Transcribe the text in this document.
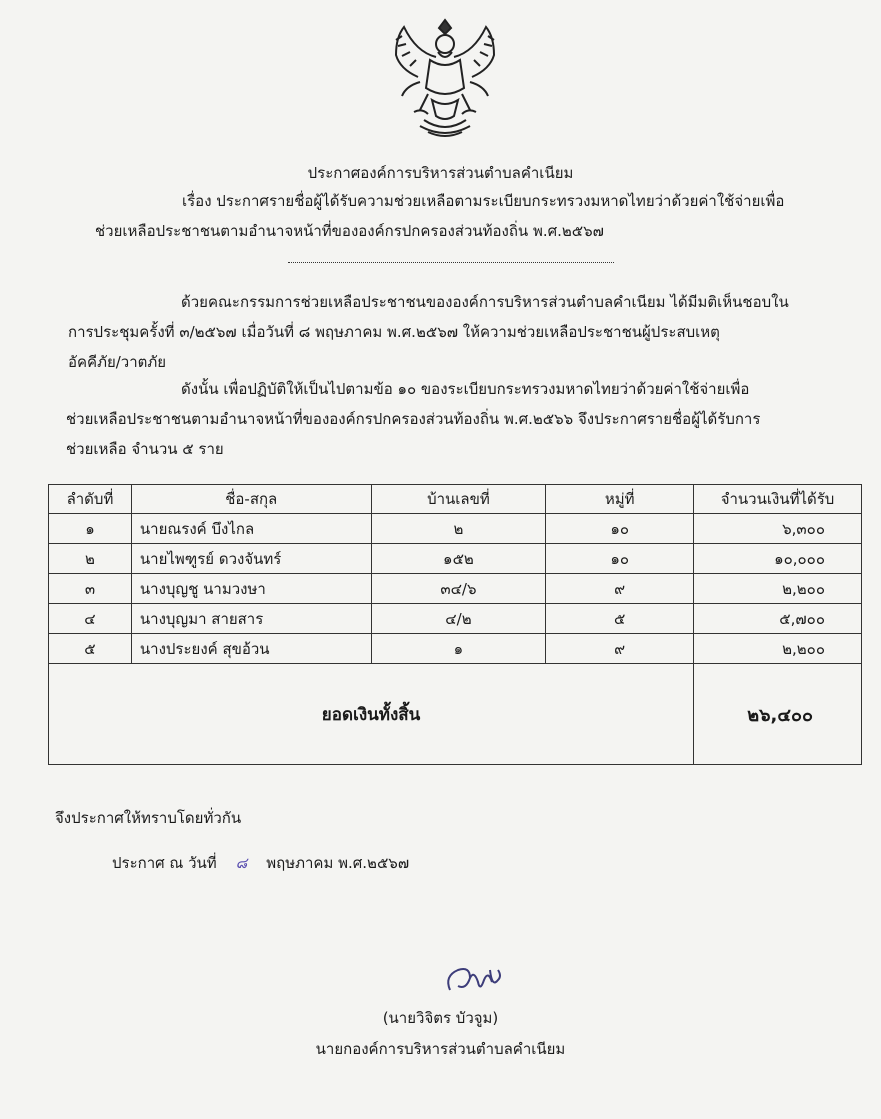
ประกาศองค์การบริหารส่วนตำบลคำเนียม
เรื่อง ประกาศรายชื่อผู้ได้รับความช่วยเหลือตามระเบียบกระทรวงมหาดไทยว่าด้วยค่าใช้จ่ายเพื่อ
ช่วยเหลือประชาชนตามอำนาจหน้าที่ขององค์กรปกครองส่วนท้องถิ่น พ.ศ.๒๕๖๗
ด้วยคณะกรรมการช่วยเหลือประชาชนขององค์การบริหารส่วนตำบลคำเนียม ได้มีมติเห็นชอบใน
การประชุมครั้งที่ ๓/๒๕๖๗ เมื่อวันที่ ๘ พฤษภาคม พ.ศ.๒๕๖๗ ให้ความช่วยเหลือประชาชนผู้ประสบเหตุ
อัคคีภัย/วาตภัย
ดังนั้น เพื่อปฏิบัติให้เป็นไปตามข้อ ๑๐ ของระเบียบกระทรวงมหาดไทยว่าด้วยค่าใช้จ่ายเพื่อ
ช่วยเหลือประชาชนตามอำนาจหน้าที่ขององค์กรปกครองส่วนท้องถิ่น พ.ศ.๒๕๖๖ จึงประกาศรายชื่อผู้ได้รับการ
ช่วยเหลือ จำนวน ๕ ราย
ลำดับที่	ชื่อ-สกุล	บ้านเลขที่	หมู่ที่	จำนวนเงินที่ได้รับ
๑	นายณรงค์ บึงไกล	๒	๑๐	๖,๓๐๐
๒	นายไพฑูรย์ ดวงจันทร์	๑๕๒	๑๐	๑๐,๐๐๐
๓	นางบุญชู นามวงษา	๓๔/๖	๙	๒,๒๐๐
๔	นางบุญมา สายสาร	๔/๒	๕	๕,๗๐๐
๕	นางประยงค์ สุขอ้วน	๑	๙	๒,๒๐๐
ยอดเงินทั้งสิ้น				๒๖,๔๐๐
จึงประกาศให้ทราบโดยทั่วกัน
ประกาศ ณ วันที่ ๘ พฤษภาคม พ.ศ.๒๕๖๗
(นายวิจิตร บัวจูม)
นายกองค์การบริหารส่วนตำบลคำเนียม
